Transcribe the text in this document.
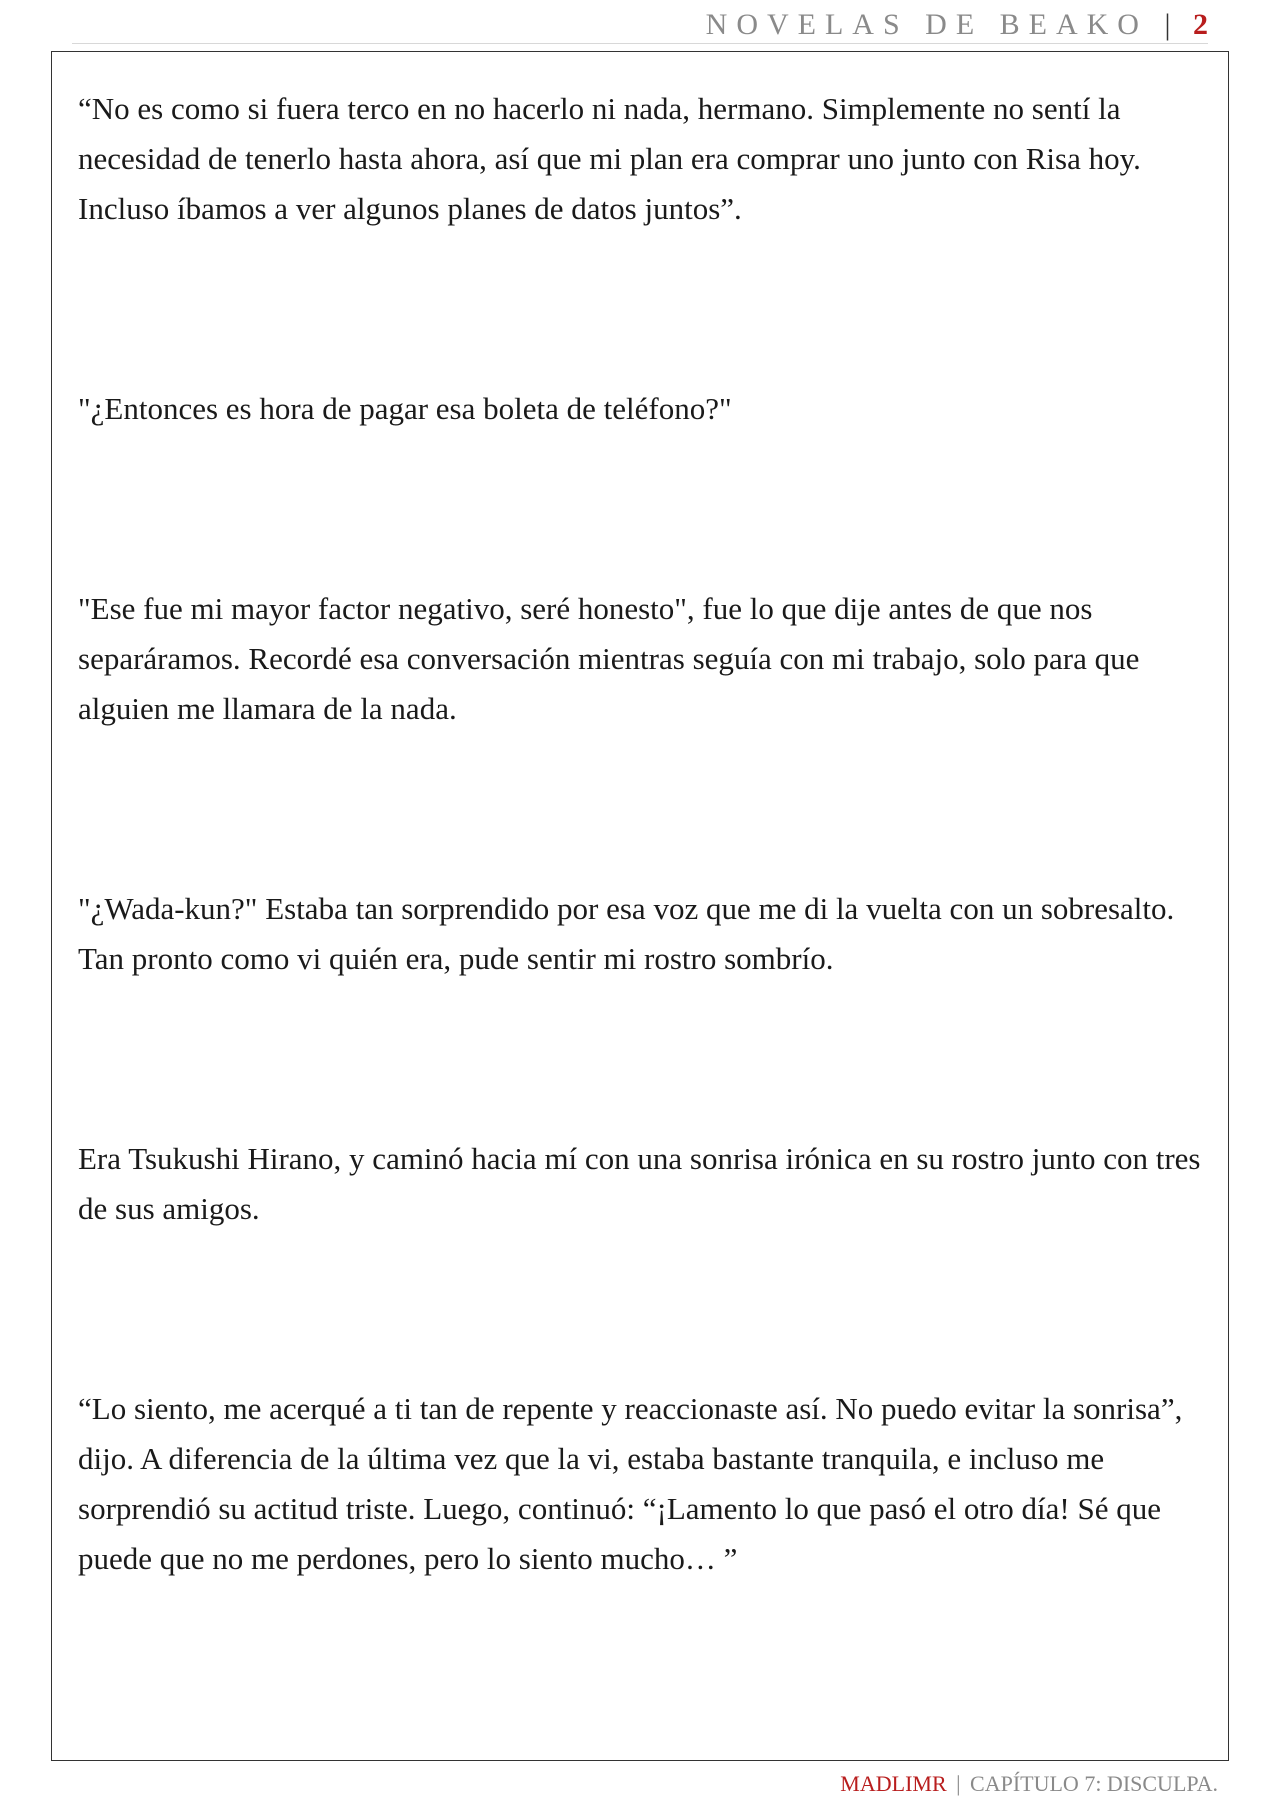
NOVELAS DE BEAKO | 2

“No es como si fuera terco en no hacerlo ni nada, hermano. Simplemente no sentí la necesidad de tenerlo hasta ahora, así que mi plan era comprar uno junto con Risa hoy. Incluso íbamos a ver algunos planes de datos juntos”.

"¿Entonces es hora de pagar esa boleta de teléfono?"

"Ese fue mi mayor factor negativo, seré honesto", fue lo que dije antes de que nos separáramos. Recordé esa conversación mientras seguía con mi trabajo, solo para que alguien me llamara de la nada.

"¿Wada-kun?" Estaba tan sorprendido por esa voz que me di la vuelta con un sobresalto. Tan pronto como vi quién era, pude sentir mi rostro sombrío.

Era Tsukushi Hirano, y caminó hacia mí con una sonrisa irónica en su rostro junto con tres de sus amigos.

“Lo siento, me acerqué a ti tan de repente y reaccionaste así. No puedo evitar la sonrisa”, dijo. A diferencia de la última vez que la vi, estaba bastante tranquila, e incluso me sorprendió su actitud triste. Luego, continuó: “¡Lamento lo que pasó el otro día! Sé que puede que no me perdones, pero lo siento mucho… ”

MADLIMR | CAPÍTULO 7: DISCULPA.
